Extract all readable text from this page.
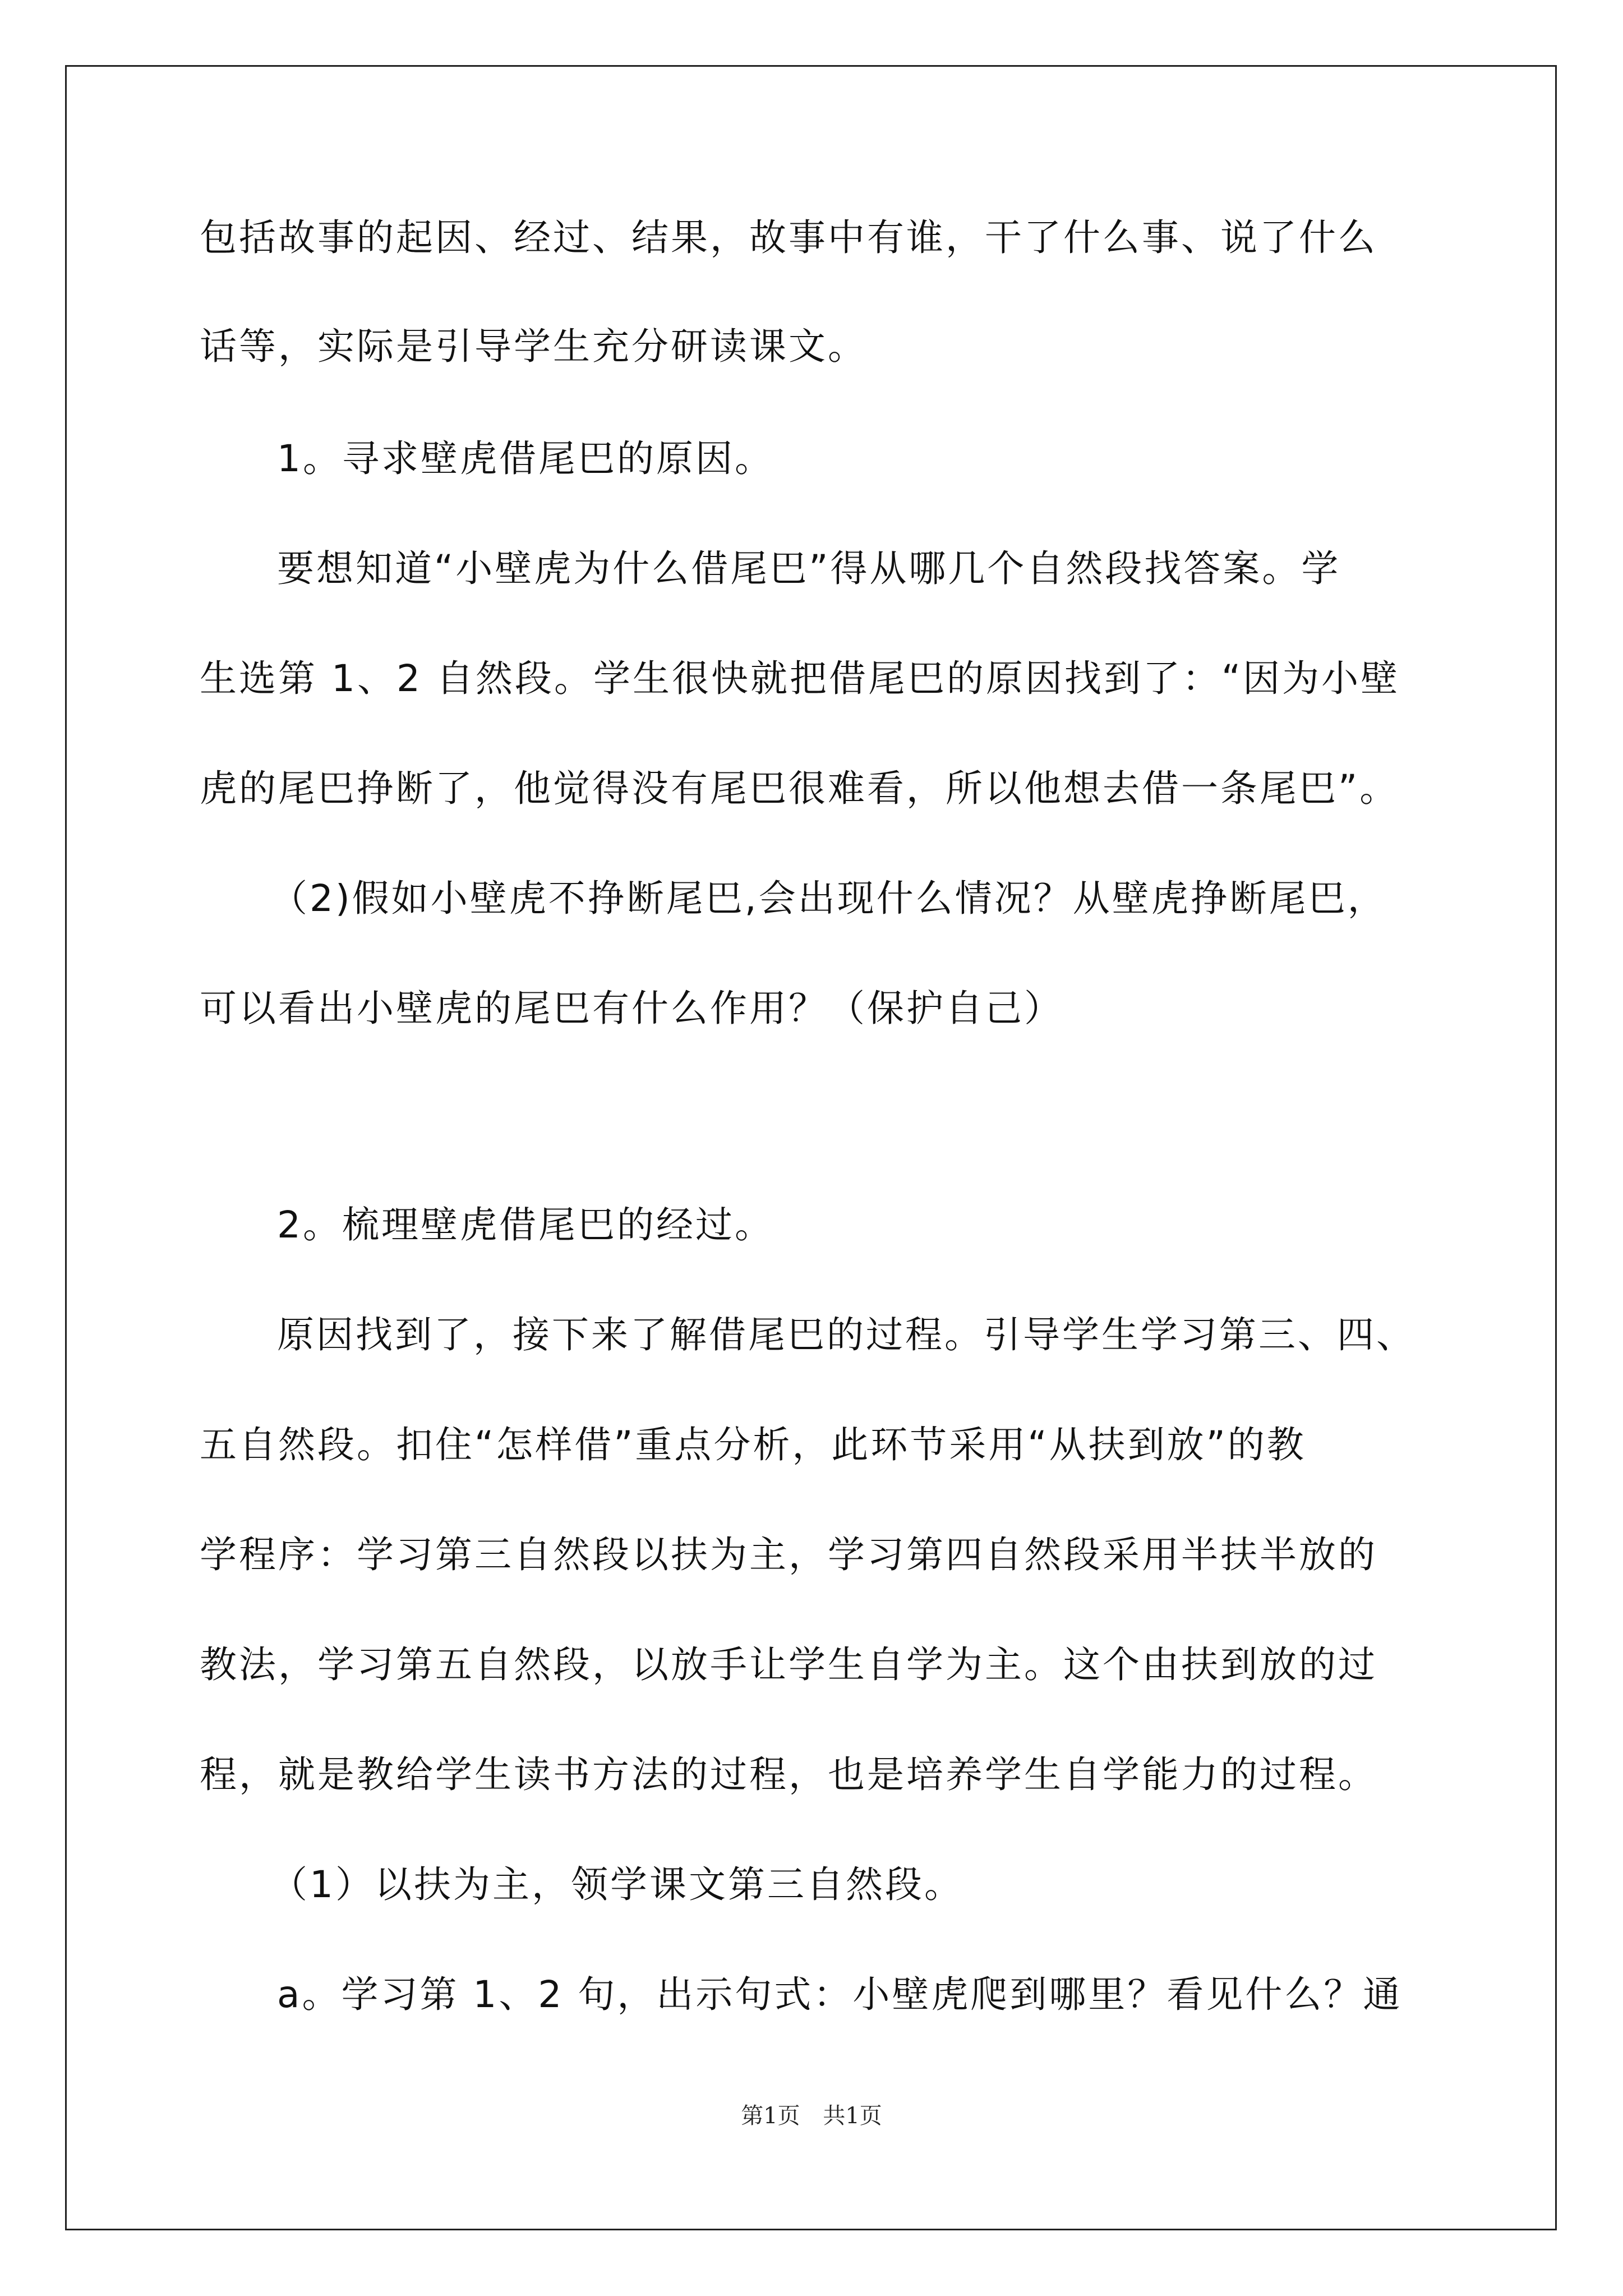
包括故事的起因、经过、结果，故事中有谁，干了什么事、说了什么
话等，实际是引导学生充分研读课文。
1。寻求壁虎借尾巴的原因。
要想知道“小壁虎为什么借尾巴”得从哪几个自然段找答案。学
生选第 1、2 自然段。学生很快就把借尾巴的原因找到了：“因为小壁
虎的尾巴挣断了，他觉得没有尾巴很难看，所以他想去借一条尾巴”。
（2)假如小壁虎不挣断尾巴,会出现什么情况？从壁虎挣断尾巴，
可以看出小壁虎的尾巴有什么作用？（保护自己）
2。梳理壁虎借尾巴的经过。
原因找到了，接下来了解借尾巴的过程。引导学生学习第三、四、
五自然段。扣住“怎样借”重点分析，此环节采用“从扶到放”的教
学程序：学习第三自然段以扶为主，学习第四自然段采用半扶半放的
教法，学习第五自然段，以放手让学生自学为主。这个由扶到放的过
程，就是教给学生读书方法的过程，也是培养学生自学能力的过程。
（1）以扶为主，领学课文第三自然段。
a。学习第 1、2 句，出示句式：小壁虎爬到哪里？看见什么？通
第1页 共1页
